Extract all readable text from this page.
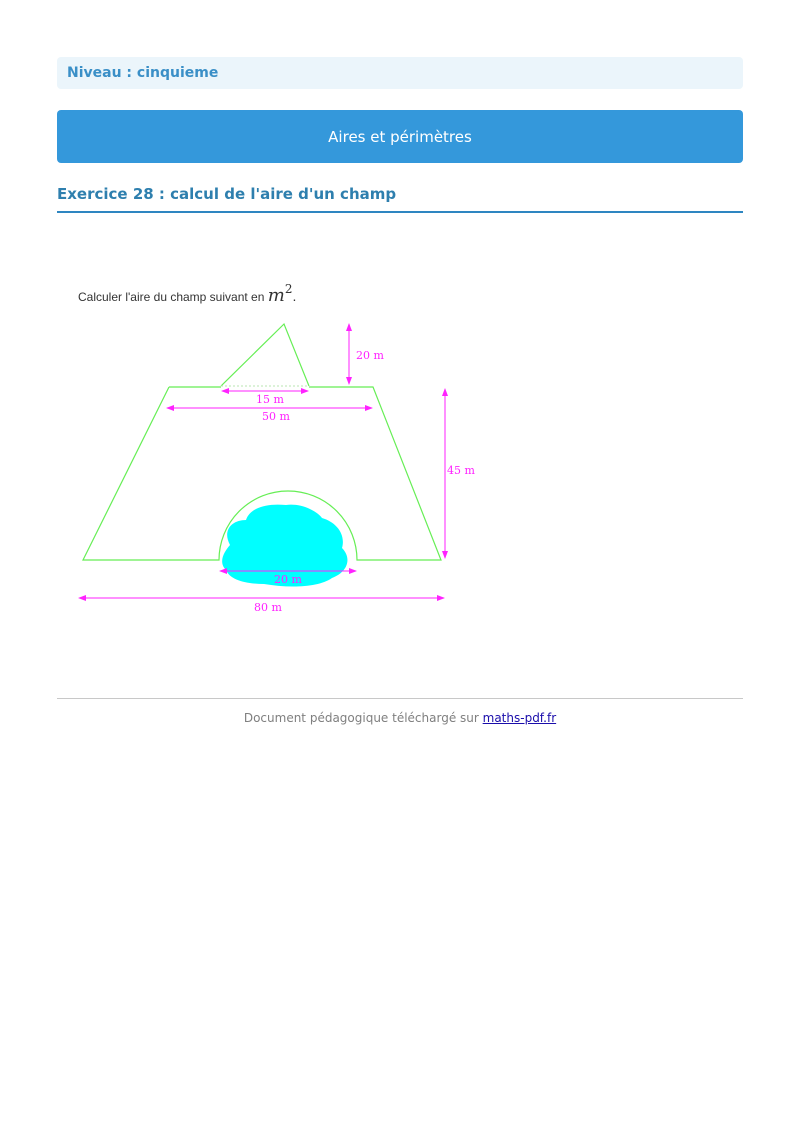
Niveau : cinquieme
Aires et périmètres
Exercice 28 : calcul de l'aire d'un champ
Calculer l'aire du champ suivant en m2.
20 m
15 m
50 m
45 m
20 m
80 m
Document pédagogique téléchargé sur maths-pdf.fr
